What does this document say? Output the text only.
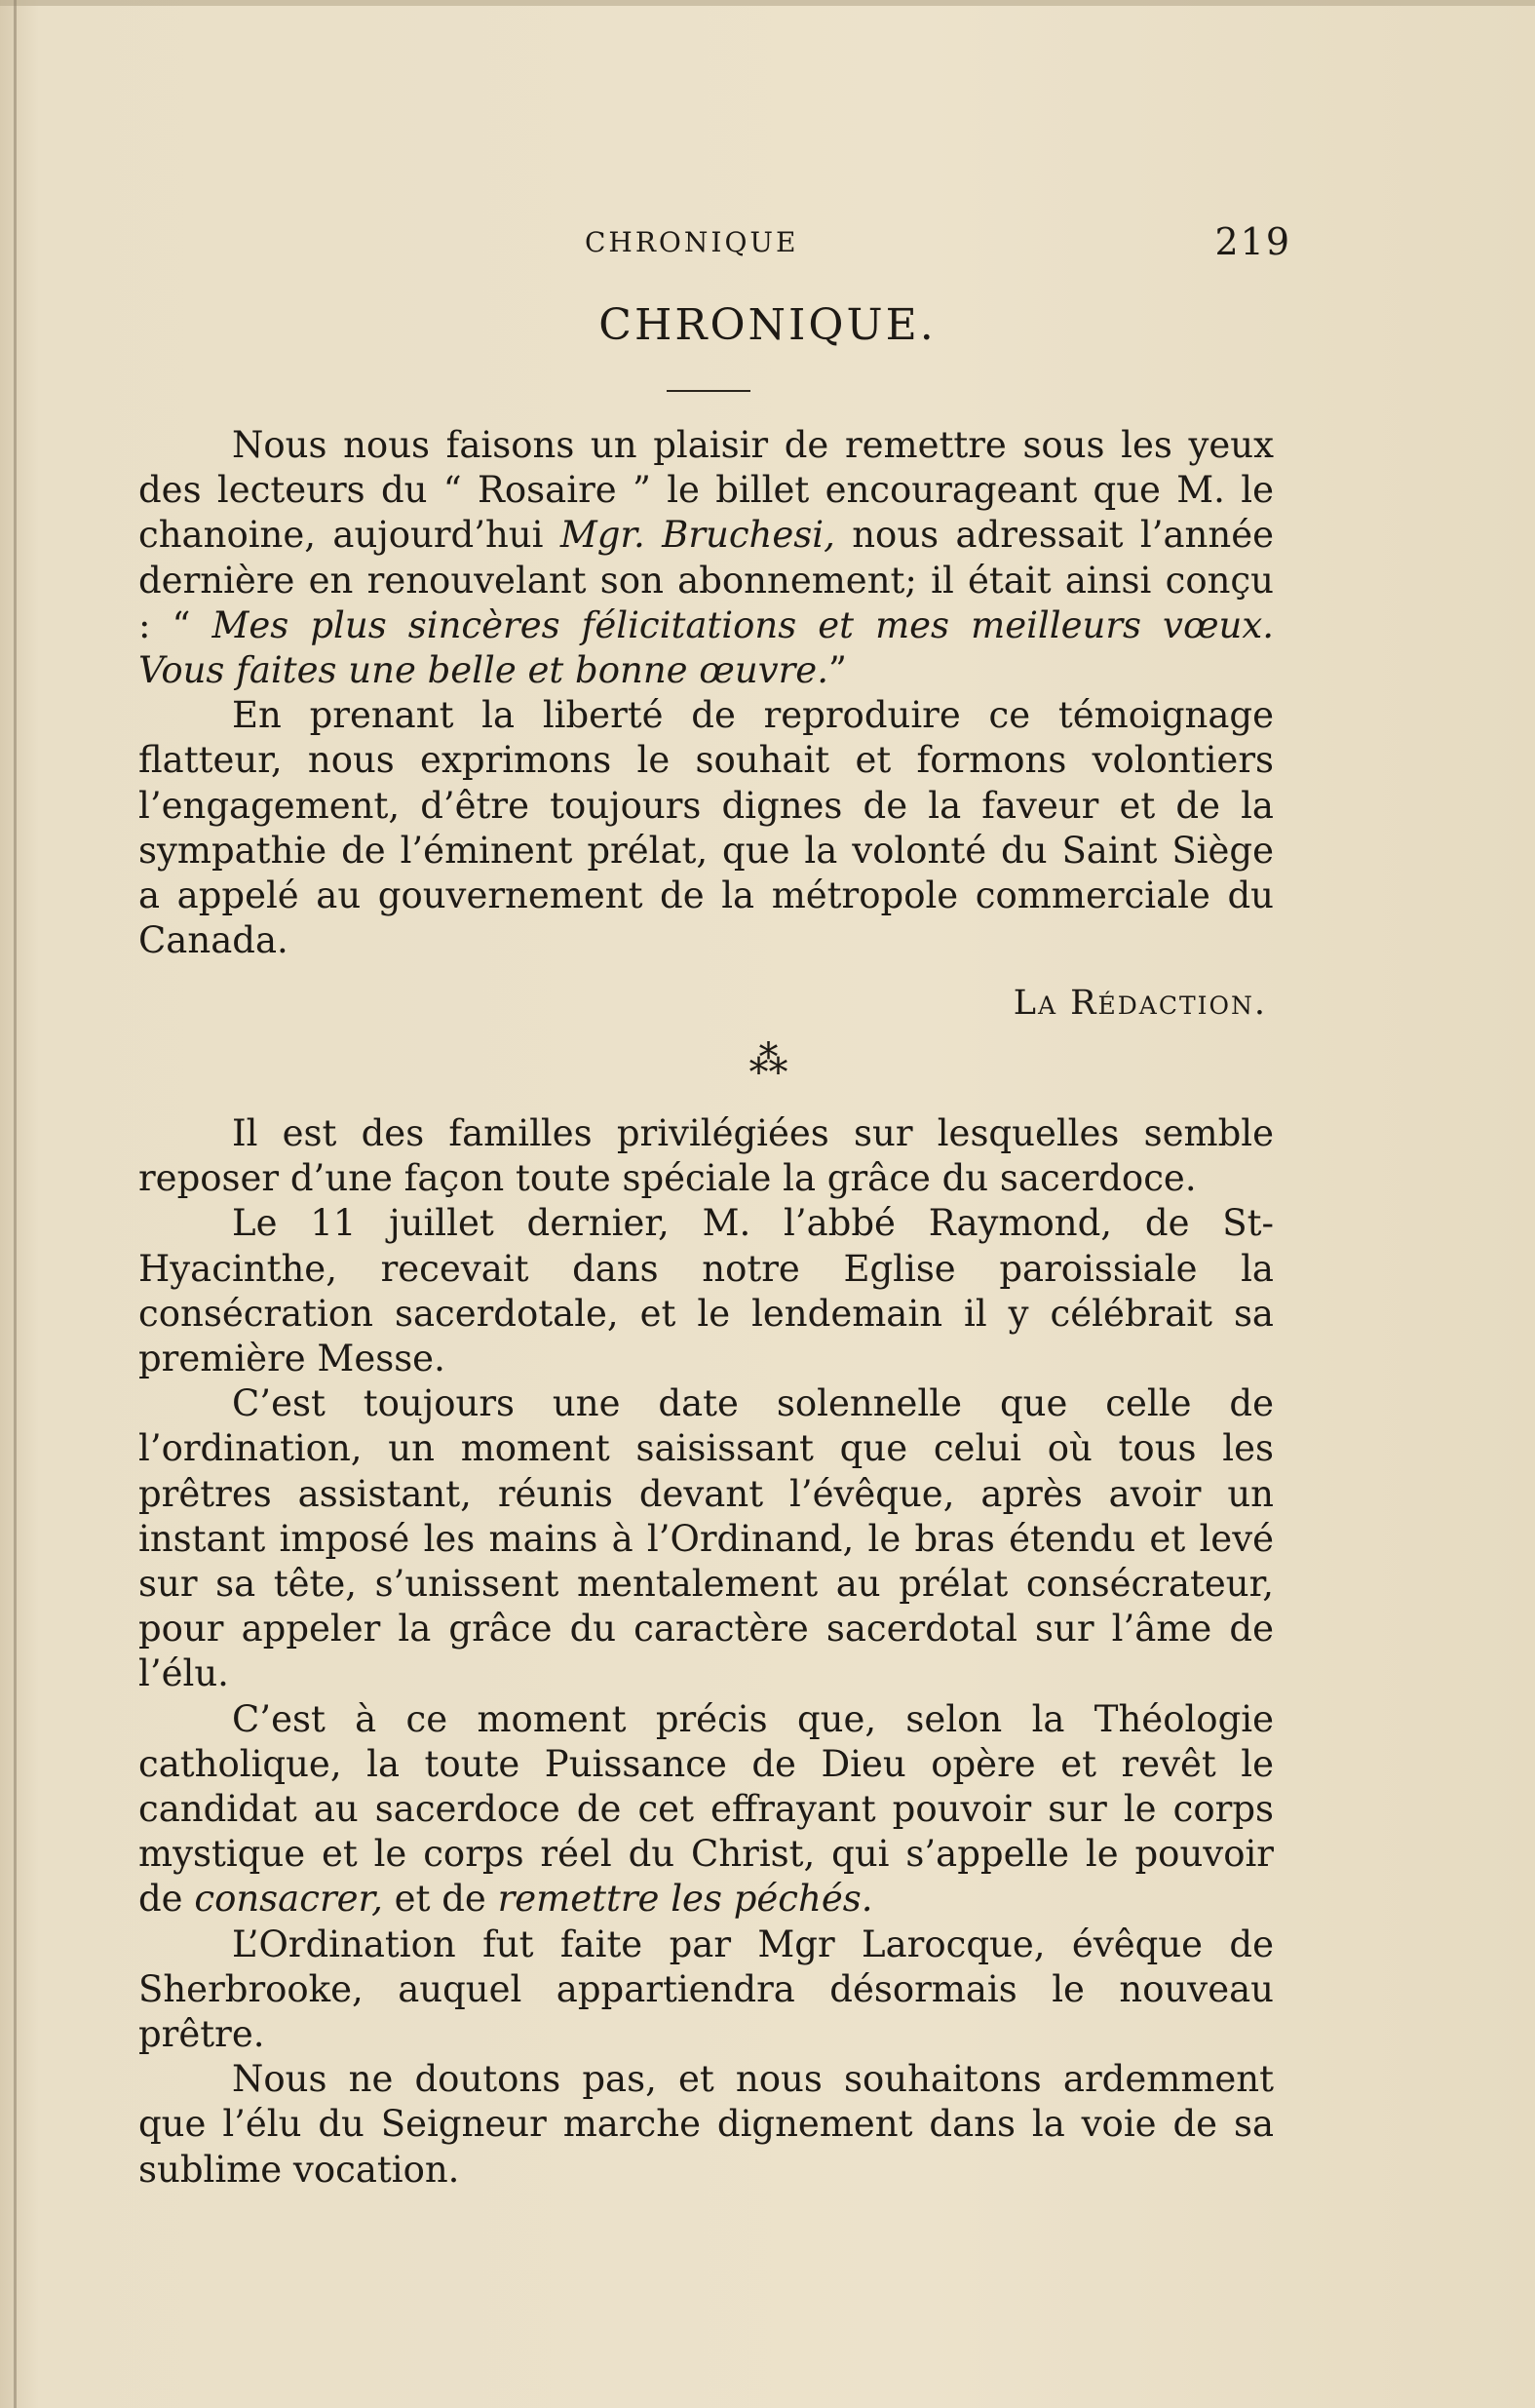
CHRONIQUE	219
CHRONIQUE.

Nous nous faisons un plaisir de remettre sous les yeux des lecteurs du “ Rosaire ” le billet encourageant que M. le chanoine, aujourd’hui Mgr. Bruchesi, nous adressait l’année dernière en renouvelant son abonnement; il était ainsi conçu : “ Mes plus sincères félicitations et mes meilleurs vœux. Vous faites une belle et bonne œuvre.”

En prenant la liberté de reproduire ce témoignage flatteur, nous exprimons le souhait et formons volontiers l’engagement, d’être toujours dignes de la faveur et de la sympathie de l’éminent prélat, que la volonté du Saint Siège a appelé au gouvernement de la métropole commerciale du Canada.

La Rédaction.
⁂

Il est des familles privilégiées sur lesquelles semble reposer d’une façon toute spéciale la grâce du sacerdoce.

Le 11 juillet dernier, M. l’abbé Raymond, de St-Hyacinthe, recevait dans notre Eglise paroissiale la consécration sacerdotale, et le lendemain il y célébrait sa première Messe.

C’est toujours une date solennelle que celle de l’ordination, un moment saisissant que celui où tous les prêtres assistant, réunis devant l’évêque, après avoir un instant imposé les mains à l’Ordinand, le bras étendu et levé sur sa tête, s’unissent mentalement au prélat consécrateur, pour appeler la grâce du caractère sacerdotal sur l’âme de l’élu.

C’est à ce moment précis que, selon la Théologie catholique, la toute Puissance de Dieu opère et revêt le candidat au sacerdoce de cet effrayant pouvoir sur le corps mystique et le corps réel du Christ, qui s’appelle le pouvoir de consacrer, et de remettre les péchés.

L’Ordination fut faite par Mgr Larocque, évêque de Sherbrooke, auquel appartiendra désormais le nouveau prêtre.

Nous ne doutons pas, et nous souhaitons ardemment que l’élu du Seigneur marche dignement dans la voie de sa sublime vocation.
